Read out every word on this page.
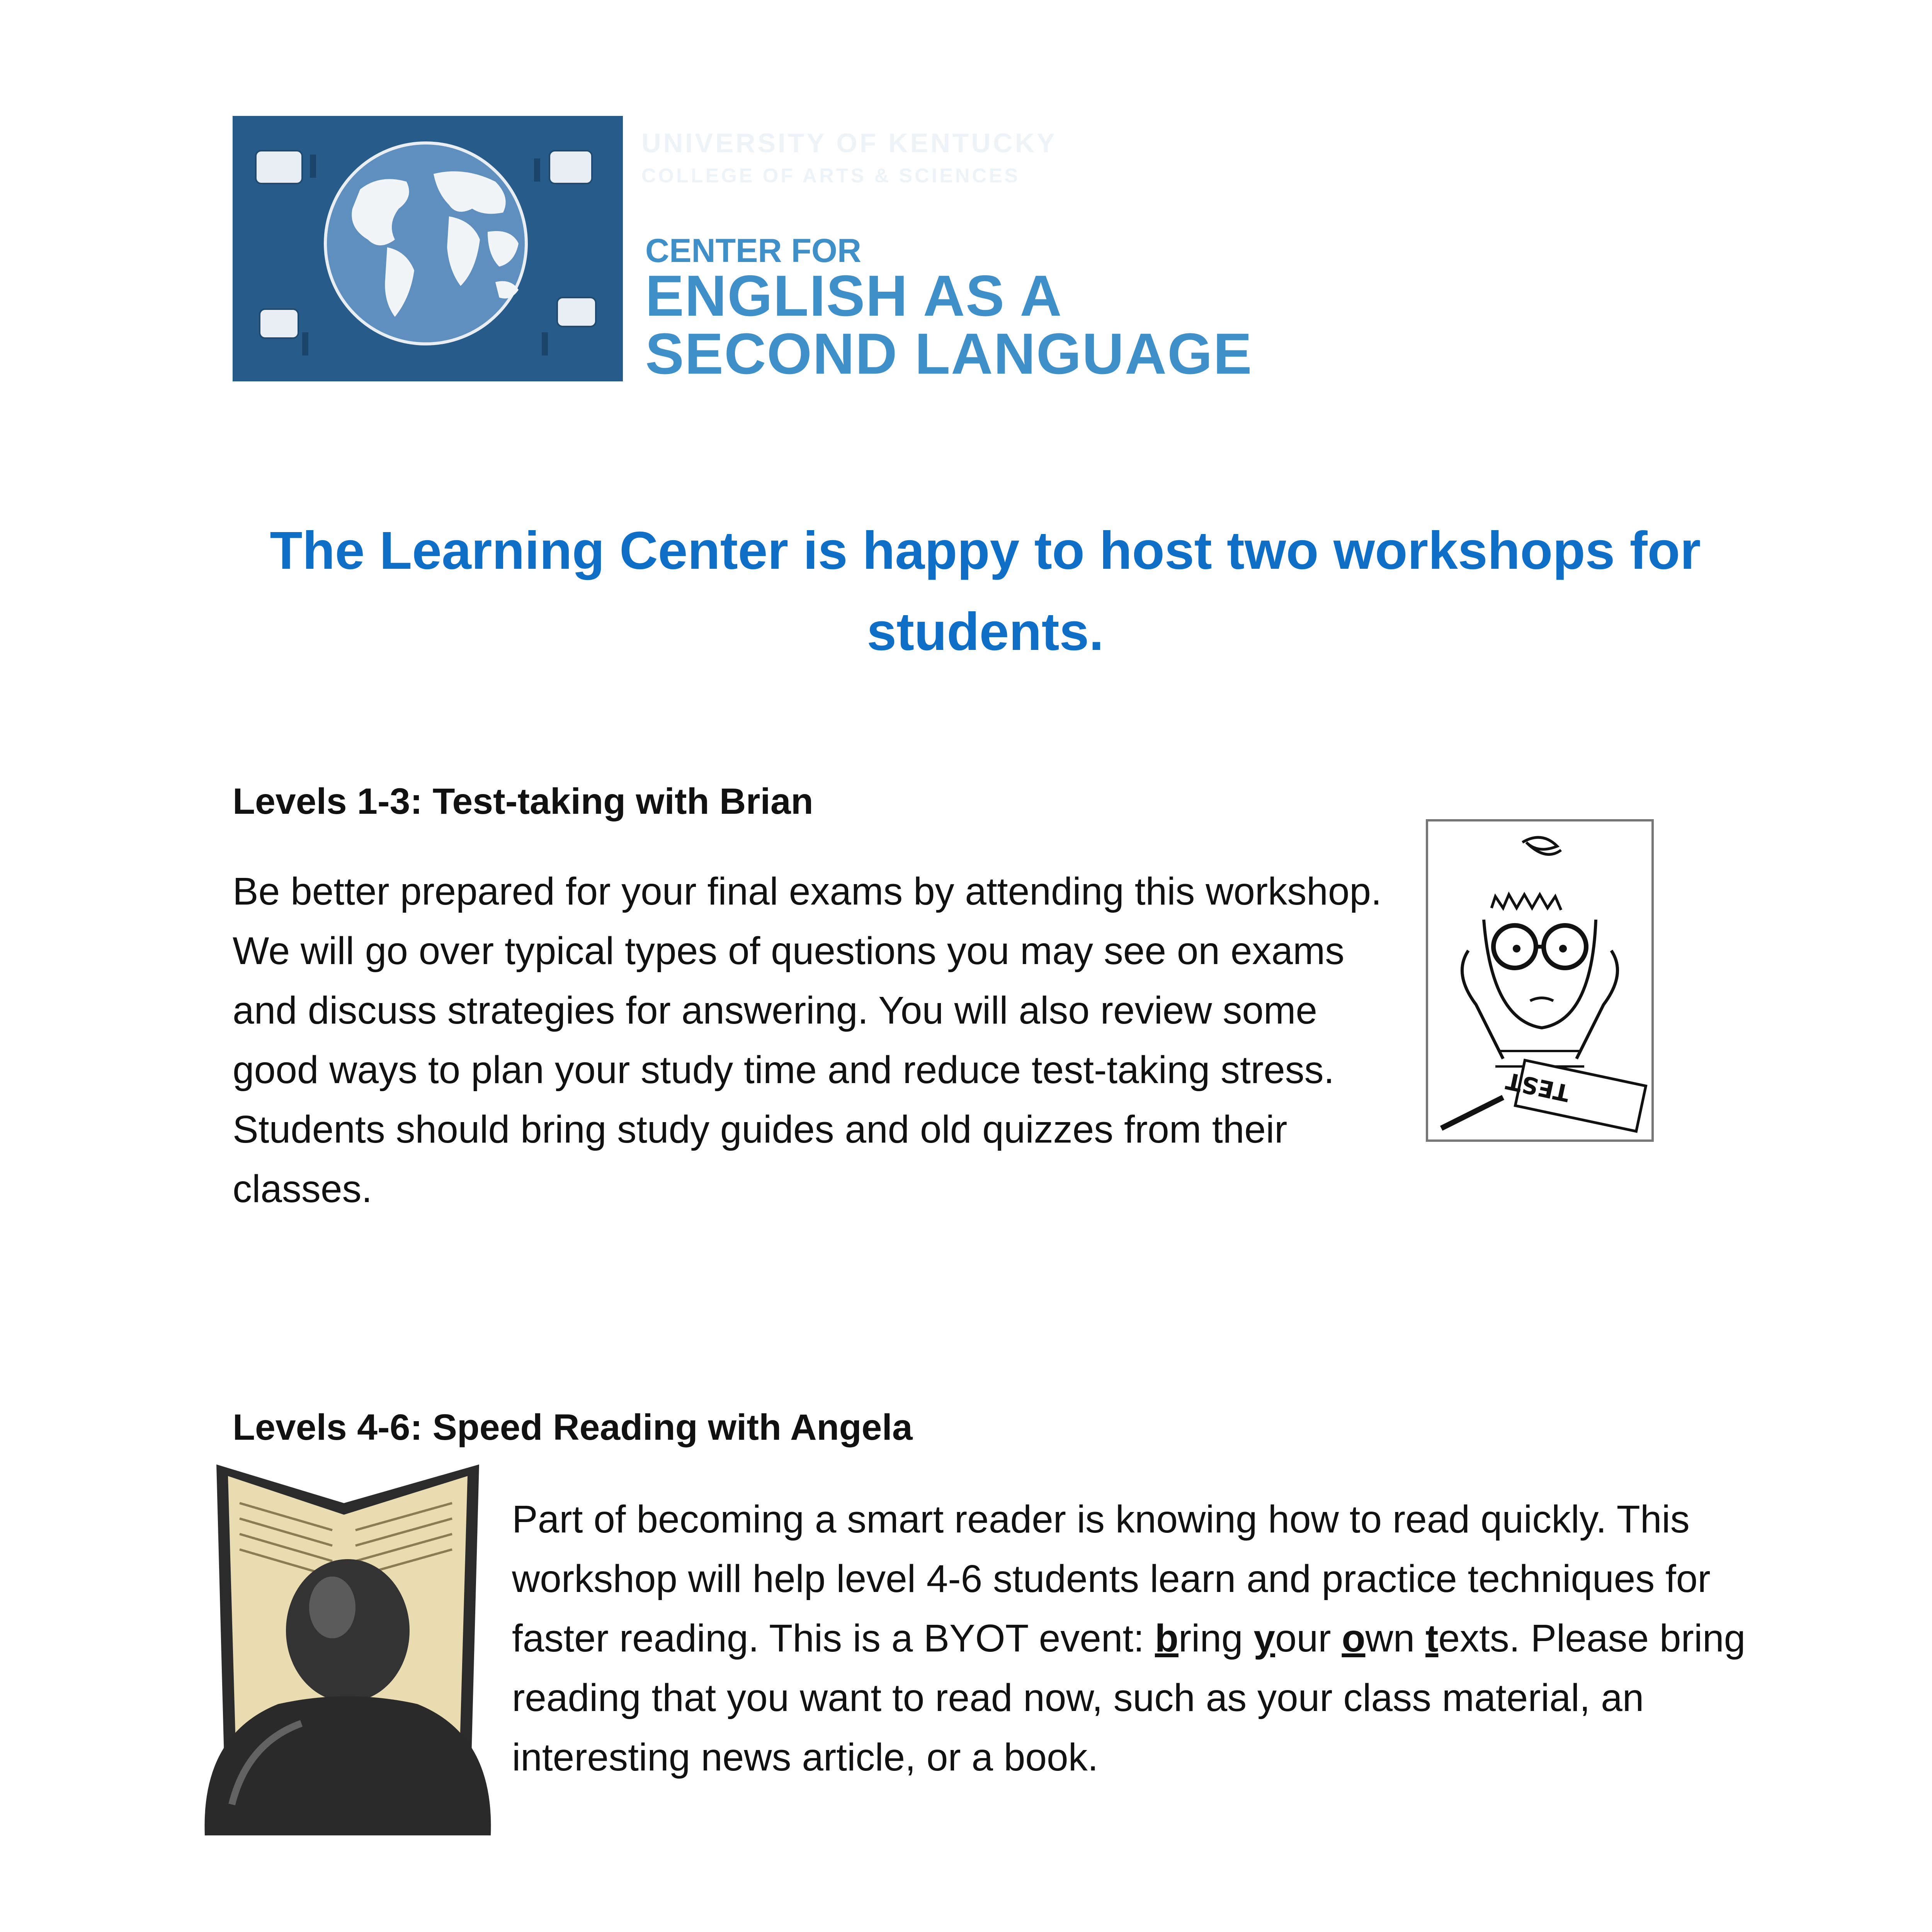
UNIVERSITY OF KENTUCKY
COLLEGE OF ARTS & SCIENCES
CENTER FOR
ENGLISH AS A
SECOND LANGUAGE
The Learning Center is happy to host two workshops for students.
Levels 1-3: Test-taking with Brian
Be better prepared for your final exams by attending this workshop. We will go over typical types of questions you may see on exams and discuss strategies for answering. You will also review some good ways to plan your study time and reduce test-taking stress. Students should bring study guides and old quizzes from their classes.
TEST
Levels 4-6: Speed Reading with Angela
Part of becoming a smart reader is knowing how to read quickly. This workshop will help level 4-6 students learn and practice techniques for faster reading. This is a BYOT event: bring your own texts. Please bring reading that you want to read now, such as your class material, an interesting news article, or a book.
